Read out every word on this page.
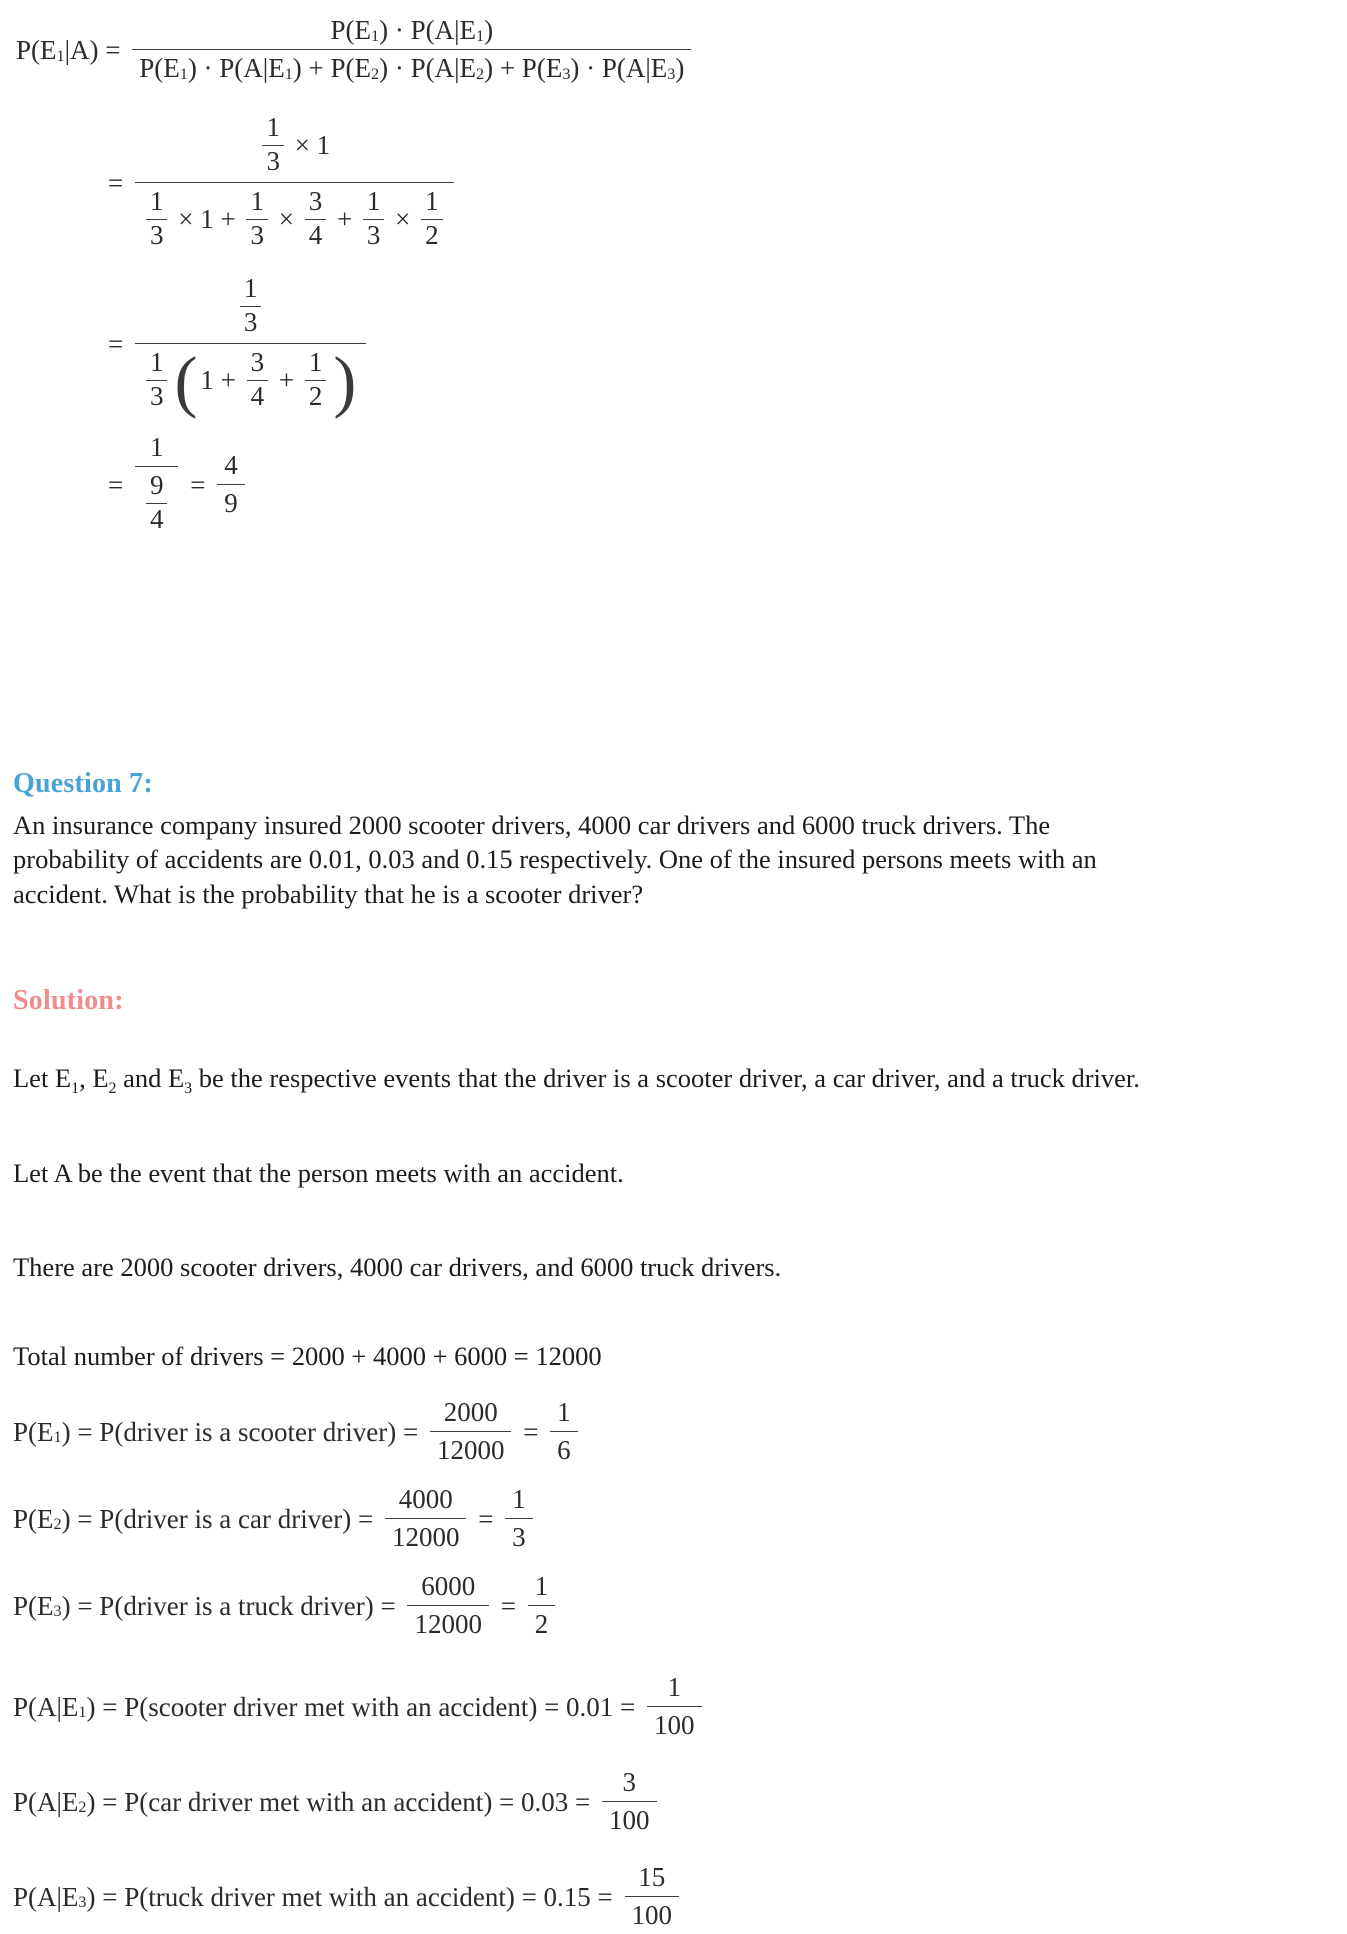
$P(E_1$ $|A) = \frac{P(E_1 ) \cdot P(A|E_1 )}{P(E_1 ) \cdot P(A|E_1 ) + P(E_2 ) \cdot P(A|E_2 ) + P(E_3 ) \cdot P(A|E_3 )}$
= $\frac{\frac{1}{3} \times 1}{\frac{1}{3} \times 1 + \frac{1}{3} \times \frac{3}{4} + \frac{1}{3} \times \frac{1}{2}}$
= $\frac{\frac{1}{3}}{\frac{1}{3} ( 1 + \frac{3}{4} + \frac{1}{2} )}$
= $\frac{1}{\frac{9}{4}} = \frac{4}{9}$
Question 7:
An insurance company insured 2000 scooter drivers, 4000 car drivers and 6000 truck drivers. The probability of accidents are 0.01, 0.03 and 0.15 respectively. One of the insured persons meets with an accident. What is the probability that he is a scooter driver?
Solution:
Let $E_1$, $E_2$ and $E_3$ be the respective events that the driver is a scooter driver, a car driver, and a truck driver.
Let A be the event that the person meets with an accident.
There are 2000 scooter drivers, 4000 car drivers, and 6000 truck drivers.
Total number of drivers = 2000 + 4000 + 6000 = 12000
$P(E_1$ ) = P(driver is a scooter driver) = $\frac{2000}{12000} = \frac{1}{6}$
$P(E_2$ ) = P(driver is a car driver) = $\frac{4000}{12000} = \frac{1}{3}$
$P(E_3$ ) = P(driver is a truck driver) = $\frac{6000}{12000} = \frac{1}{2}$
$P(A|E_1$ ) = P(scooter driver met with an accident) = $0.01 = \frac{1}{100}$
$P(A|E_2$ ) = P(car driver met with an accident) = $0.03 = \frac{3}{100}$
$P(A|E_3$ ) = P(truck driver met with an accident) = $0.15 = \frac{15}{100}$
